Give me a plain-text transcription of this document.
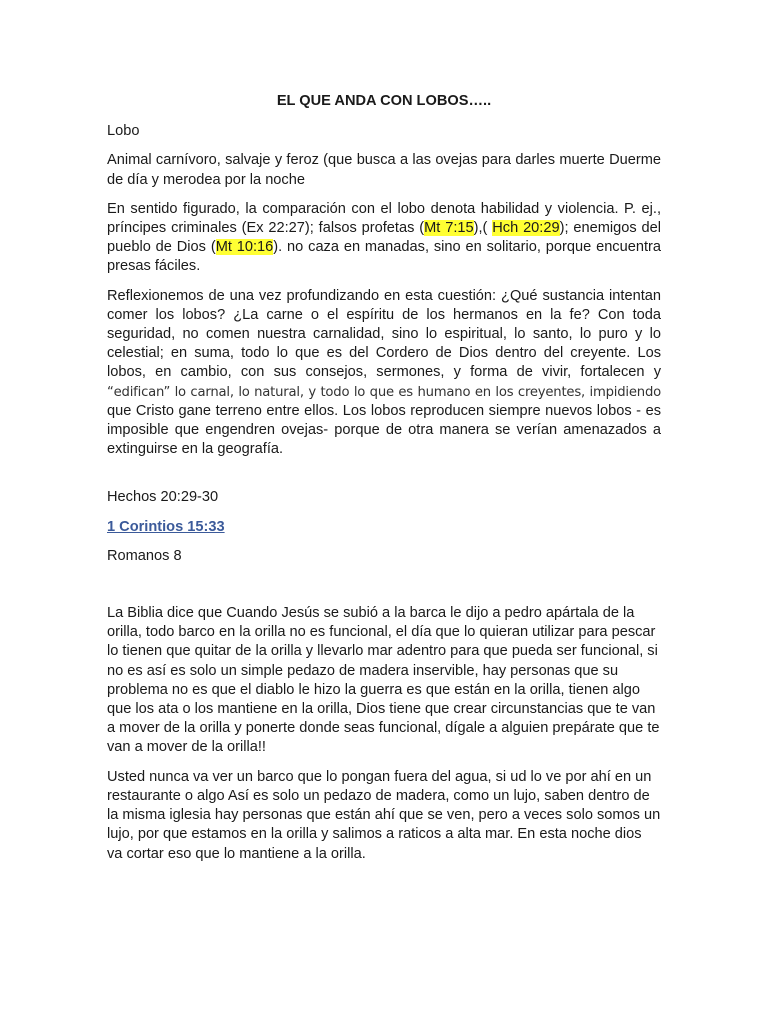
EL QUE ANDA CON LOBOS…..

Lobo

Animal carnívoro, salvaje y feroz (que busca a las ovejas para darles muerte Duerme de día y merodea por la noche

En sentido figurado, la comparación con el lobo denota habilidad y violencia. P. ej., príncipes criminales (Ex 22:27); falsos profetas (Mt 7:15),( Hch 20:29); enemigos del pueblo de Dios (Mt 10:16). no caza en manadas, sino en solitario, porque encuentra presas fáciles.

Reflexionemos de una vez profundizando en esta cuestión: ¿Qué sustancia intentan comer los lobos? ¿La carne o el espíritu de los hermanos en la fe? Con toda seguridad, no comen nuestra carnalidad, sino lo espiritual, lo santo, lo puro y lo celestial; en suma, todo lo que es del Cordero de Dios dentro del creyente. Los lobos, en cambio, con sus consejos, sermones, y forma de vivir, fortalecen y “edifican” lo carnal, lo natural, y todo lo que es humano en los creyentes, impidiendo que Cristo gane terreno entre ellos. Los lobos reproducen siempre nuevos lobos - es imposible que engendren ovejas- porque de otra manera se verían amenazados a extinguirse en la geografía.

Hechos 20:29-30

1 Corintios 15:33

Romanos 8

La Biblia dice que Cuando Jesús se subió a la barca le dijo a pedro apártala de la orilla, todo barco en la orilla no es funcional, el día que lo quieran utilizar para pescar lo tienen que quitar de la orilla y llevarlo mar adentro para que pueda ser funcional, si no es así es solo un simple pedazo de madera inservible, hay personas que su problema no es que el diablo le hizo la guerra es que están en la orilla, tienen algo que los ata o los mantiene en la orilla, Dios tiene que crear circunstancias que te van a mover de la orilla y ponerte donde seas funcional, dígale a alguien prepárate que te van a mover de la orilla!!

Usted nunca va ver un barco que lo pongan fuera del agua, si ud lo ve por ahí en un restaurante o algo Así es solo un pedazo de madera, como un lujo, saben dentro de la misma iglesia hay personas que están ahí que se ven, pero a veces solo somos un lujo, por que estamos en la orilla y salimos a raticos a alta mar. En esta noche dios va cortar eso que lo mantiene a la orilla.
